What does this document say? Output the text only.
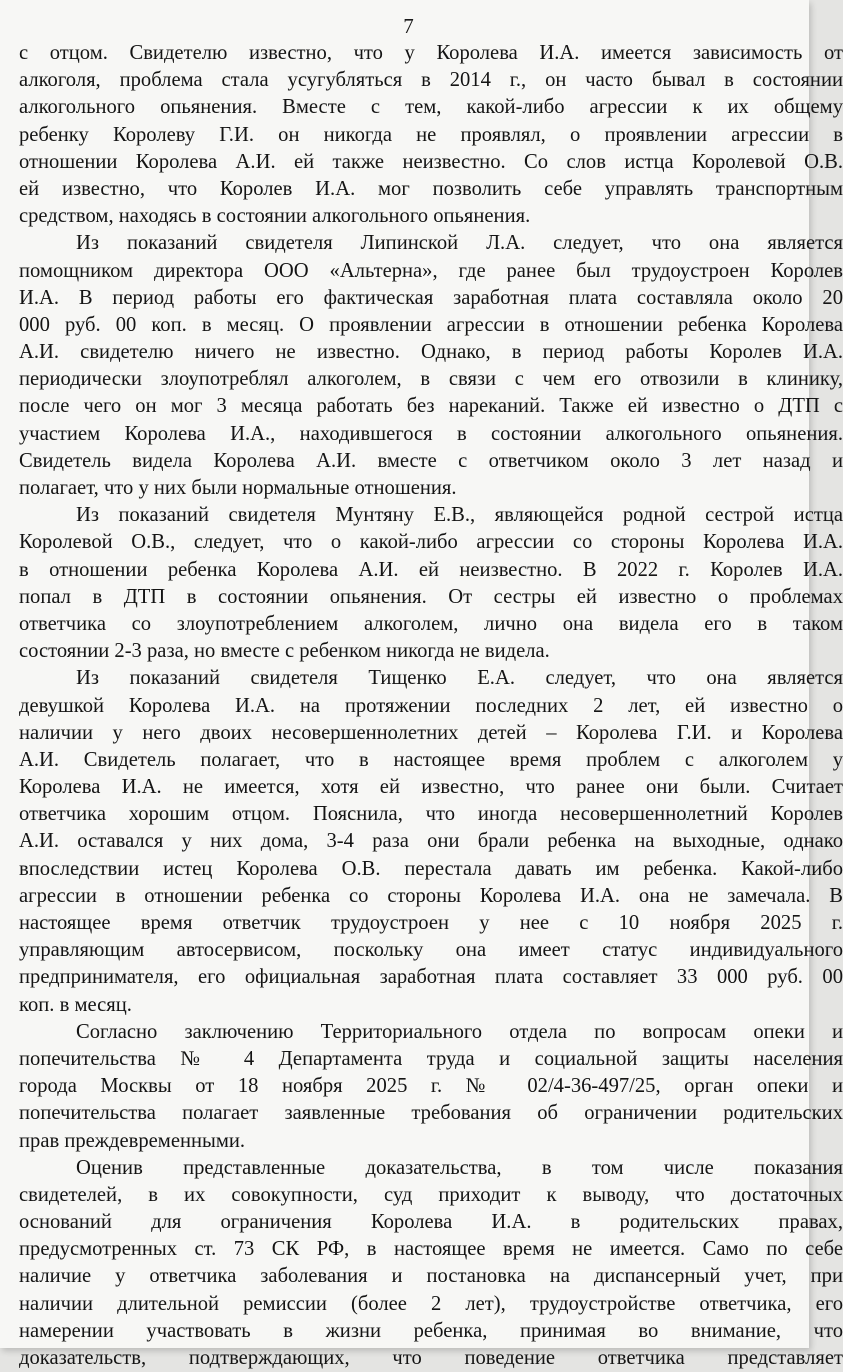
7
с отцом. Свидетелю известно, что у Королева И.А. имеется зависимость от
алкоголя, проблема стала усугубляться в 2014 г., он часто бывал в состоянии
алкогольного опьянения. Вместе с тем, какой-либо агрессии к их общему
ребенку Королеву Г.И. он никогда не проявлял, о проявлении агрессии в
отношении Королева А.И. ей также неизвестно. Со слов истца Королевой О.В.
ей известно, что Королев И.А. мог позволить себе управлять транспортным
средством, находясь в состоянии алкогольного опьянения.
Из показаний свидетеля Липинской Л.А. следует, что она является
помощником директора ООО «Альтерна», где ранее был трудоустроен Королев
И.А. В период работы его фактическая заработная плата составляла около 20
000 руб. 00 коп. в месяц. О проявлении агрессии в отношении ребенка Королева
А.И. свидетелю ничего не известно. Однако, в период работы Королев И.А.
периодически злоупотреблял алкоголем, в связи с чем его отвозили в клинику,
после чего он мог 3 месяца работать без нареканий. Также ей известно о ДТП с
участием Королева И.А., находившегося в состоянии алкогольного опьянения.
Свидетель видела Королева А.И. вместе с ответчиком около 3 лет назад и
полагает, что у них были нормальные отношения.
Из показаний свидетеля Мунтяну Е.В., являющейся родной сестрой истца
Королевой О.В., следует, что о какой-либо агрессии со стороны Королева И.А.
в отношении ребенка Королева А.И. ей неизвестно. В 2022 г. Королев И.А.
попал в ДТП в состоянии опьянения. От сестры ей известно о проблемах
ответчика со злоупотреблением алкоголем, лично она видела его в таком
состоянии 2-3 раза, но вместе с ребенком никогда не видела.
Из показаний свидетеля Тищенко Е.А. следует, что она является
девушкой Королева И.А. на протяжении последних 2 лет, ей известно о
наличии у него двоих несовершеннолетних детей – Королева Г.И. и Королева
А.И. Свидетель полагает, что в настоящее время проблем с алкоголем у
Королева И.А. не имеется, хотя ей известно, что ранее они были. Считает
ответчика хорошим отцом. Пояснила, что иногда несовершеннолетний Королев
А.И. оставался у них дома, 3-4 раза они брали ребенка на выходные, однако
впоследствии истец Королева О.В. перестала давать им ребенка. Какой-либо
агрессии в отношении ребенка со стороны Королева И.А. она не замечала. В
настоящее время ответчик трудоустроен у нее с 10 ноября 2025 г.
управляющим автосервисом, поскольку она имеет статус индивидуального
предпринимателя, его официальная заработная плата составляет 33 000 руб. 00
коп. в месяц.
Согласно заключению Территориального отдела по вопросам опеки и
попечительства № 4 Департамента труда и социальной защиты населения
города Москвы от 18 ноября 2025 г. № 02/4-36-497/25, орган опеки и
попечительства полагает заявленные требования об ограничении родительских
прав преждевременными.
Оценив представленные доказательства, в том числе показания
свидетелей, в их совокупности, суд приходит к выводу, что достаточных
оснований для ограничения Королева И.А. в родительских правах,
предусмотренных ст. 73 СК РФ, в настоящее время не имеется. Само по себе
наличие у ответчика заболевания и постановка на диспансерный учет, при
наличии длительной ремиссии (более 2 лет), трудоустройстве ответчика, его
намерении участвовать в жизни ребенка, принимая во внимание, что
доказательств, подтверждающих, что поведение ответчика представляет
